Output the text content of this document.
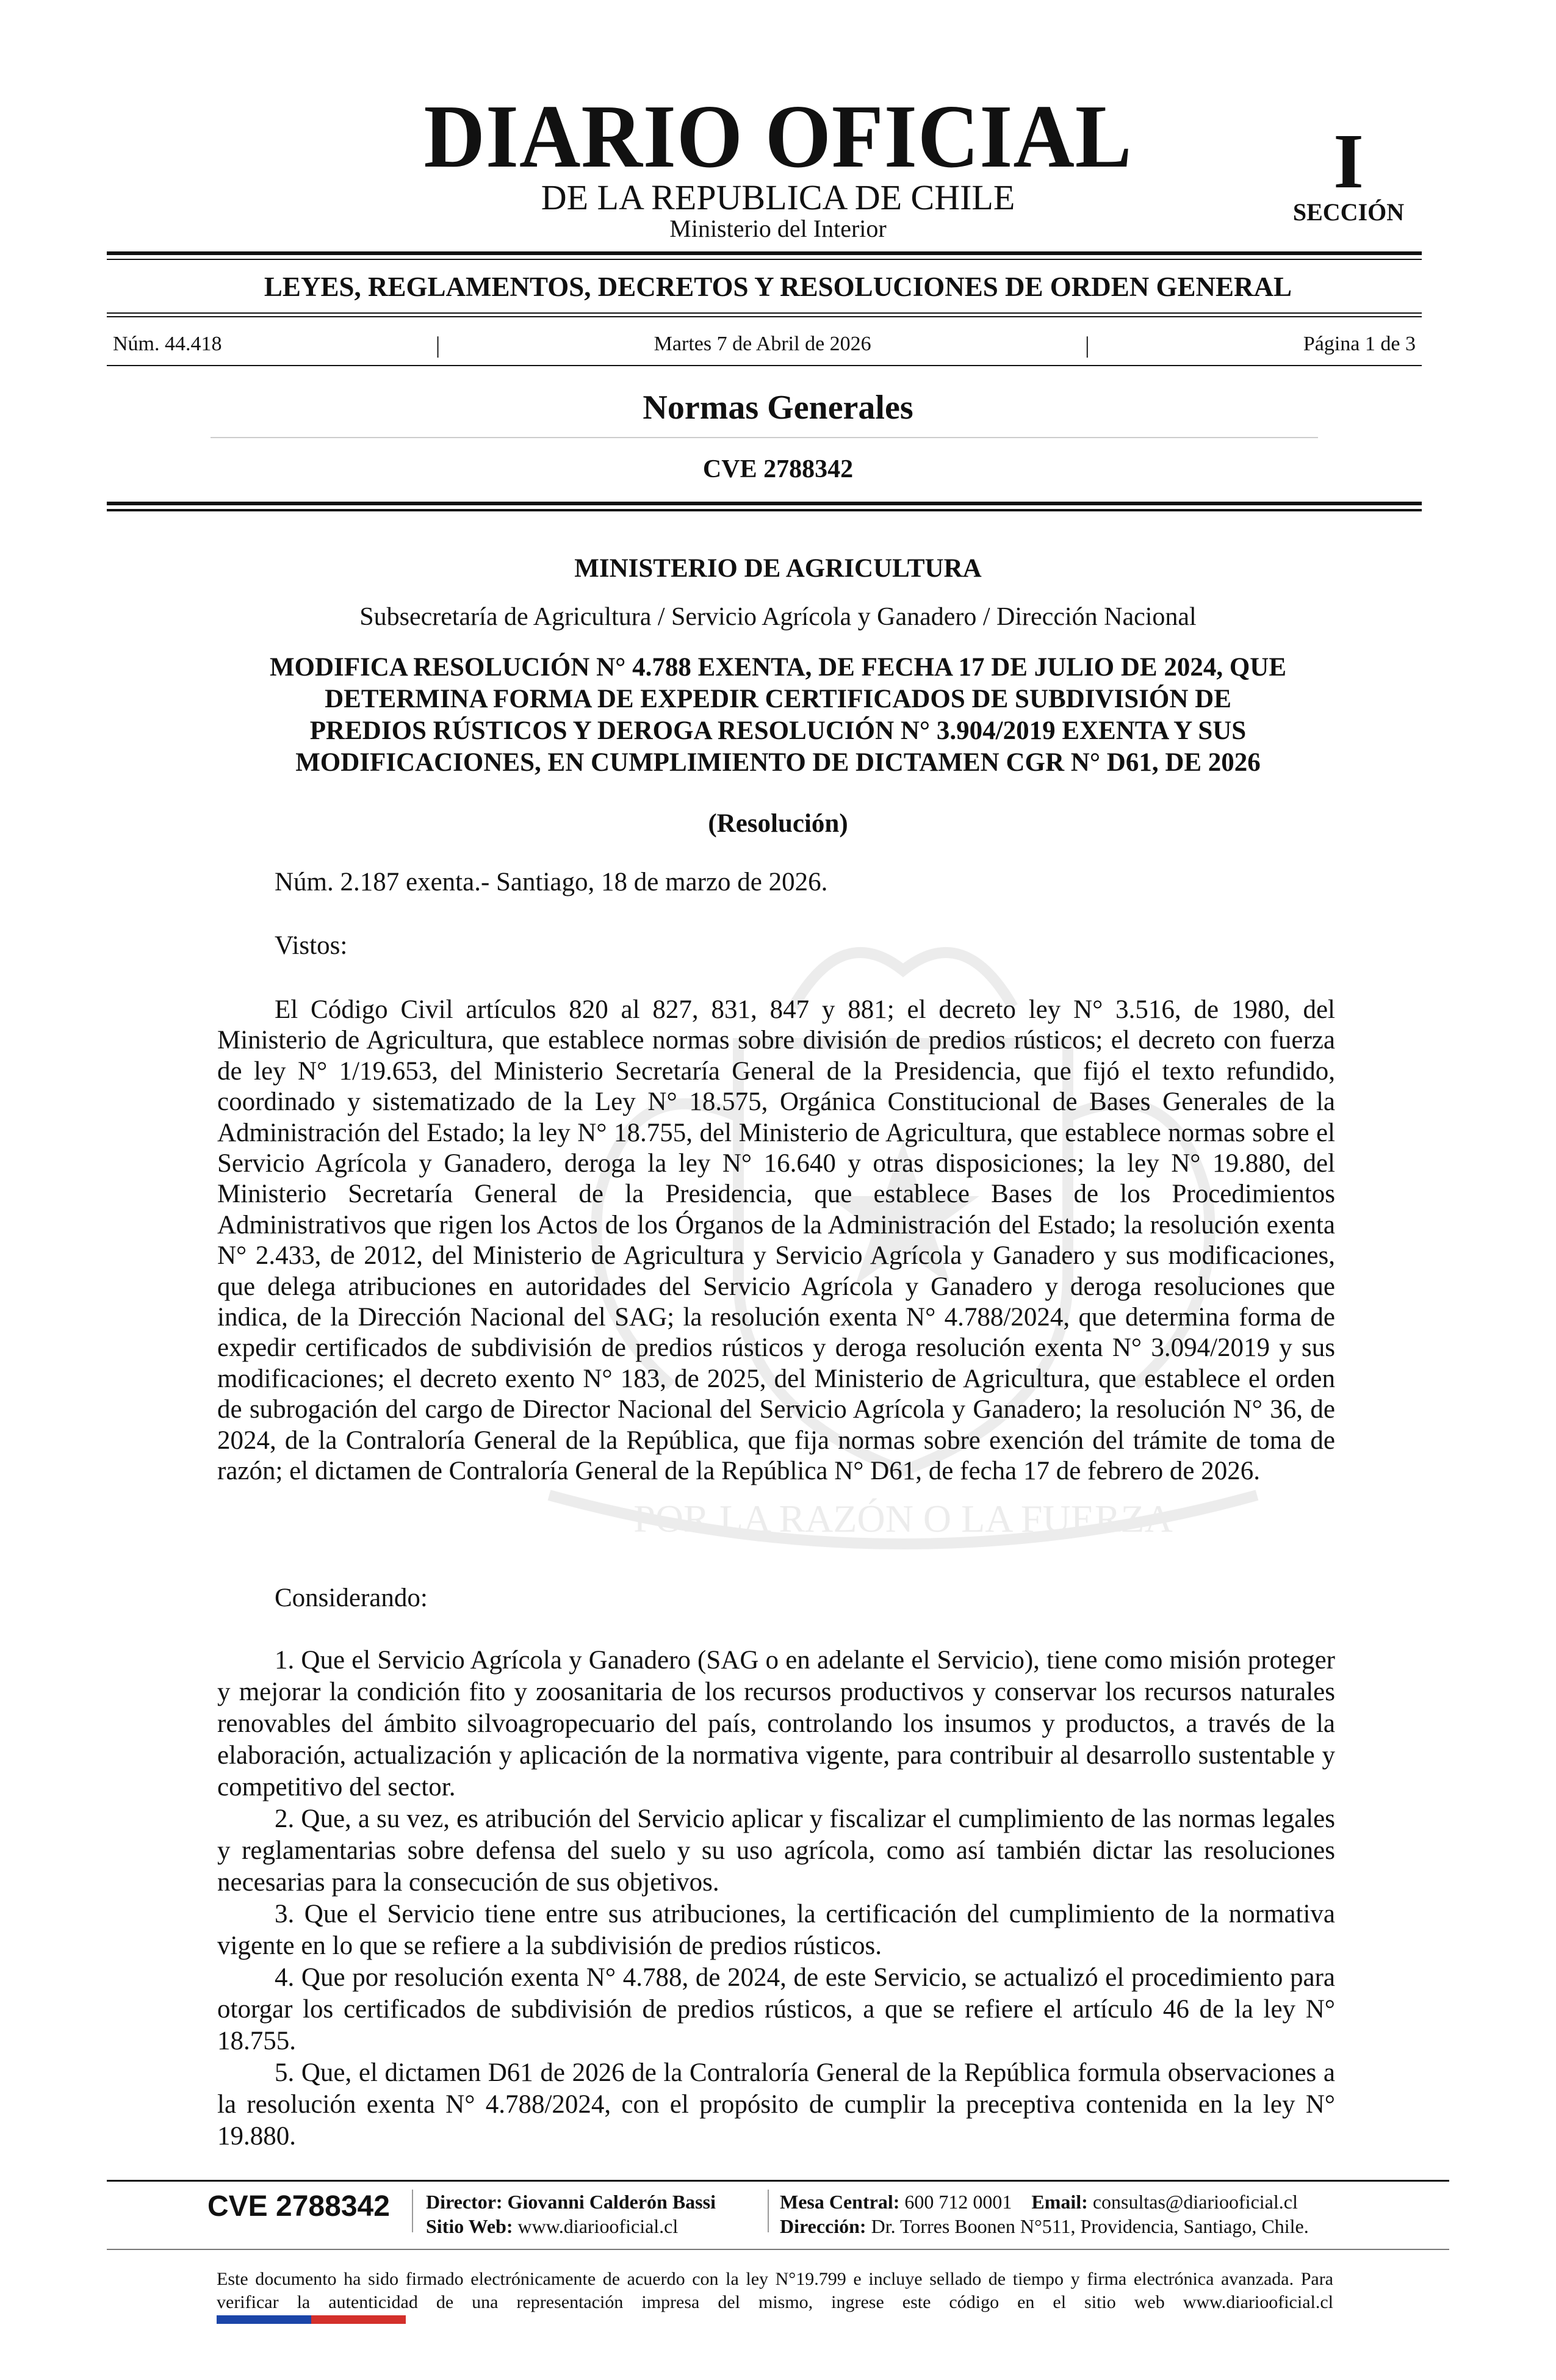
POR LA RAZÓN O LA FUERZA
DIARIO OFICIAL
DE LA REPUBLICA DE CHILE
Ministerio del Interior
I
SECCIÓN
LEYES, REGLAMENTOS, DECRETOS Y RESOLUCIONES DE ORDEN GENERAL
Núm. 44.418	|	Martes 7 de Abril de 2026	|	Página 1 de 3
Normas Generales
CVE 2788342
MINISTERIO DE AGRICULTURA
Subsecretaría de Agricultura / Servicio Agrícola y Ganadero / Dirección Nacional
MODIFICA RESOLUCIÓN N° 4.788 EXENTA, DE FECHA 17 DE JULIO DE 2024, QUE
DETERMINA FORMA DE EXPEDIR CERTIFICADOS DE SUBDIVISIÓN DE
PREDIOS RÚSTICOS Y DEROGA RESOLUCIÓN N° 3.904/2019 EXENTA Y SUS
MODIFICACIONES, EN CUMPLIMIENTO DE DICTAMEN CGR N° D61, DE 2026
(Resolución)
Núm. 2.187 exenta.- Santiago, 18 de marzo de 2026.
Vistos:
El Código Civil artículos 820 al 827, 831, 847 y 881; el decreto ley N° 3.516, de 1980, del Ministerio de Agricultura, que establece normas sobre división de predios rústicos; el decreto con fuerza de ley N° 1/19.653, del Ministerio Secretaría General de la Presidencia, que fijó el texto refundido, coordinado y sistematizado de la Ley N° 18.575, Orgánica Constitucional de Bases Generales de la Administración del Estado; la ley N° 18.755, del Ministerio de Agricultura, que establece normas sobre el Servicio Agrícola y Ganadero, deroga la ley N° 16.640 y otras disposiciones; la ley N° 19.880, del Ministerio Secretaría General de la Presidencia, que establece Bases de los Procedimientos Administrativos que rigen los Actos de los Órganos de la Administración del Estado; la resolución exenta N° 2.433, de 2012, del Ministerio de Agricultura y Servicio Agrícola y Ganadero y sus modificaciones, que delega atribuciones en autoridades del Servicio Agrícola y Ganadero y deroga resoluciones que indica, de la Dirección Nacional del SAG; la resolución exenta N° 4.788/2024, que determina forma de expedir certificados de subdivisión de predios rústicos y deroga resolución exenta N° 3.094/2019 y sus modificaciones; el decreto exento N° 183, de 2025, del Ministerio de Agricultura, que establece el orden de subrogación del cargo de Director Nacional del Servicio Agrícola y Ganadero; la resolución N° 36, de 2024, de la Contraloría General de la República, que fija normas sobre exención del trámite de toma de razón; el dictamen de Contraloría General de la República N° D61, de fecha 17 de febrero de 2026.
Considerando:
1. Que el Servicio Agrícola y Ganadero (SAG o en adelante el Servicio), tiene como misión proteger y mejorar la condición fito y zoosanitaria de los recursos productivos y conservar los recursos naturales renovables del ámbito silvoagropecuario del país, controlando los insumos y productos, a través de la elaboración, actualización y aplicación de la normativa vigente, para contribuir al desarrollo sustentable y competitivo del sector.
2. Que, a su vez, es atribución del Servicio aplicar y fiscalizar el cumplimiento de las normas legales y reglamentarias sobre defensa del suelo y su uso agrícola, como así también dictar las resoluciones necesarias para la consecución de sus objetivos.
3. Que el Servicio tiene entre sus atribuciones, la certificación del cumplimiento de la normativa vigente en lo que se refiere a la subdivisión de predios rústicos.
4. Que por resolución exenta N° 4.788, de 2024, de este Servicio, se actualizó el procedimiento para otorgar los certificados de subdivisión de predios rústicos, a que se refiere el artículo 46 de la ley N° 18.755.
5. Que, el dictamen D61 de 2026 de la Contraloría General de la República formula observaciones a la resolución exenta N° 4.788/2024, con el propósito de cumplir la preceptiva contenida en la ley N° 19.880.
CVE 2788342 Director: Giovanni Calderón Bassi
Sitio Web: www.diariooficial.cl
Mesa Central: 600 712 0001 Email: consultas@diariooficial.cl
Dirección: Dr. Torres Boonen N°511, Providencia, Santiago, Chile.
Este documento ha sido firmado electrónicamente de acuerdo con la ley N°19.799 e incluye sellado de tiempo y firma electrónica avanzada. Para verificar la autenticidad de una representación impresa del mismo, ingrese este código en el sitio web www.diariooficial.cl
